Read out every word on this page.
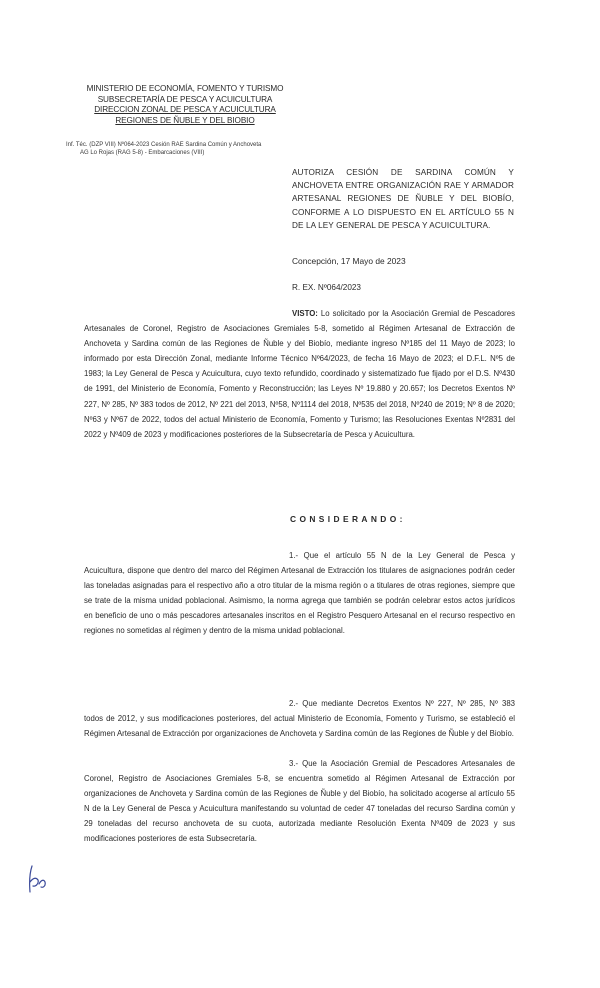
MINISTERIO DE ECONOMÍA, FOMENTO Y TURISMO
SUBSECRETARÍA DE PESCA Y ACUICULTURA
DIRECCION ZONAL DE PESCA Y ACUICULTURA
REGIONES DE ÑUBLE Y DEL BIOBIO
Inf. Téc. (DZP VIII) Nº064-2023 Cesión RAE Sardina Común y Anchoveta
AG Lo Rojas (RAG 5-8) - Embarcaciones (VIII)
AUTORIZA CESIÓN DE SARDINA COMÚN Y ANCHOVETA ENTRE ORGANIZACIÓN RAE Y ARMADOR ARTESANAL REGIONES DE ÑUBLE Y DEL BIOBÍO, CONFORME A LO DISPUESTO EN EL ARTÍCULO 55 N DE LA LEY GENERAL DE PESCA Y ACUICULTURA.
Concepción, 17 Mayo de 2023
R. EX. Nº064/2023
VISTO: Lo solicitado por la Asociación Gremial de Pescadores Artesanales de Coronel, Registro de Asociaciones Gremiales 5-8, sometido al Régimen Artesanal de Extracción de Anchoveta y Sardina común de las Regiones de Ñuble y del Biobío, mediante ingreso Nº185 del 11 Mayo de 2023; lo informado por esta Dirección Zonal, mediante Informe Técnico Nº64/2023, de fecha 16 Mayo de 2023; el D.F.L. Nº5 de 1983; la Ley General de Pesca y Acuicultura, cuyo texto refundido, coordinado y sistematizado fue fijado por el D.S. Nº430 de 1991, del Ministerio de Economía, Fomento y Reconstrucción; las Leyes Nº 19.880 y 20.657; los Decretos Exentos Nº 227, Nº 285, Nº 383 todos de 2012, Nº 221 del 2013, Nº58, Nº1114 del 2018, Nº535 del 2018, Nº240 de 2019; Nº 8 de 2020; Nº63 y Nº67 de 2022, todos del actual Ministerio de Economía, Fomento y Turismo; las Resoluciones Exentas Nº2831 del 2022 y Nº409 de 2023 y modificaciones posteriores de la Subsecretaría de Pesca y Acuicultura.
CONSIDERANDO:
1.- Que el artículo 55 N de la Ley General de Pesca y Acuicultura, dispone que dentro del marco del Régimen Artesanal de Extracción los titulares de asignaciones podrán ceder las toneladas asignadas para el respectivo año a otro titular de la misma región o a titulares de otras regiones, siempre que se trate de la misma unidad poblacional. Asimismo, la norma agrega que también se podrán celebrar estos actos jurídicos en beneficio de uno o más pescadores artesanales inscritos en el Registro Pesquero Artesanal en el recurso respectivo en regiones no sometidas al régimen y dentro de la misma unidad poblacional.
2.- Que mediante Decretos Exentos Nº 227, Nº 285, Nº 383 todos de 2012, y sus modificaciones posteriores, del actual Ministerio de Economía, Fomento y Turismo, se estableció el Régimen Artesanal de Extracción por organizaciones de Anchoveta y Sardina común de las Regiones de Ñuble y del Biobío.
3.- Que la Asociación Gremial de Pescadores Artesanales de Coronel, Registro de Asociaciones Gremiales 5-8, se encuentra sometido al Régimen Artesanal de Extracción por organizaciones de Anchoveta y Sardina común de las Regiones de Ñuble y del Biobío, ha solicitado acogerse al artículo 55 N de la Ley General de Pesca y Acuicultura manifestando su voluntad de ceder 47 toneladas del recurso Sardina común y 29 toneladas del recurso anchoveta de su cuota, autorizada mediante Resolución Exenta Nº409 de 2023 y sus modificaciones posteriores de esta Subsecretaría.
